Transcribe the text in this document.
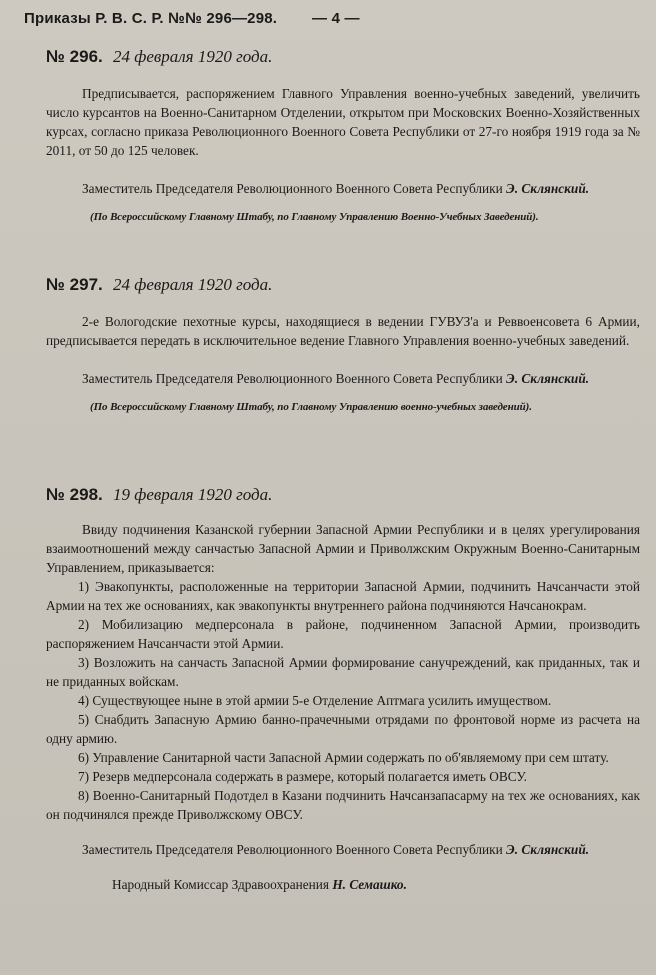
Приказы Р. В. С. Р. №№ 296—298. — 4 —
№ 296. 24 февраля 1920 года.

Предписывается, распоряжением Главного Управления военно-учебных заведений, увеличить число курсантов на Военно-Санитарном Отделении, открытом при Московских Военно-Хозяйственных курсах, согласно приказа Революционного Военного Совета Республики от 27-го ноября 1919 года за № 2011, от 50 до 125 человек.

Заместитель Председателя Революционного Военного Совета Республики Э. Склянский.
(По Всероссийскому Главному Штабу, по Главному Управлению Военно-Учебных Заведений).
№ 297. 24 февраля 1920 года.

2-е Вологодские пехотные курсы, находящиеся в ведении ГУВУЗ'а и Реввоенсовета 6 Армии, предписывается передать в исключительное ведение Главного Управления военно-учебных заведений.

Заместитель Председателя Революционного Военного Совета Республики Э. Склянский.
(По Всероссийскому Главному Штабу, по Главному Управлению военно-учебных заведений).
№ 298. 19 февраля 1920 года.

Ввиду подчинения Казанской губернии Запасной Армии Республики и в целях урегулирования взаимоотношений между санчастью Запасной Армии и Приволжским Окружным Военно-Санитарным Управлением, приказывается:

1) Эвакопункты, расположенные на территории Запасной Армии, подчинить Начсанчасти этой Армии на тех же основаниях, как эвакопункты внутреннего района подчиняются Начсанокрам.

2) Мобилизацию медперсонала в районе, подчиненном Запасной Армии, производить распоряжением Начсанчасти этой Армии.

3) Возложить на санчасть Запасной Армии формирование санучреждений, как приданных, так и не приданных войскам.

4) Существующее ныне в этой армии 5-е Отделение Аптмага усилить имуществом.

5) Снабдить Запасную Армию банно-прачечными отрядами по фронтовой норме из расчета на одну армию.

6) Управление Санитарной части Запасной Армии содержать по об'являемому при сем штату.

7) Резерв медперсонала содержать в размере, который полагается иметь ОВСУ.

8) Военно-Санитарный Подотдел в Казани подчинить Начсанзапасарму на тех же основаниях, как он подчинялся прежде Приволжскому ОВСУ.

Заместитель Председателя Революционного Военного Совета Республики Э. Склянский.
Народный Комиссар Здравоохранения Н. Семашко.
